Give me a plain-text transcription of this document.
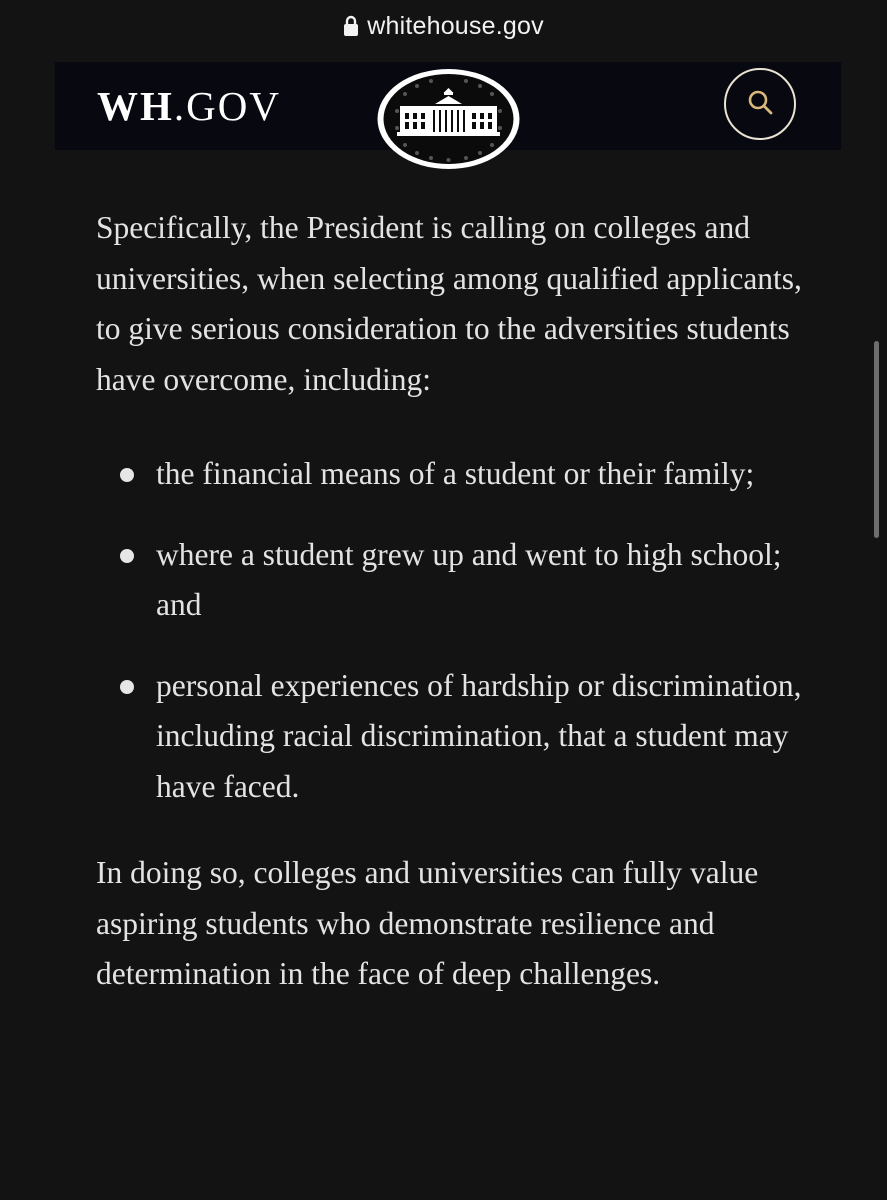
whitehouse.gov
WH.GOV

Specifically, the President is calling on colleges and universities, when selecting among qualified applicants, to give serious consideration to the adversities students have overcome, including:

the financial means of a student or their family;
where a student grew up and went to high school; and
personal experiences of hardship or discrimination, including racial discrimination, that a student may have faced.

In doing so, colleges and universities can fully value aspiring students who demonstrate resilience and determination in the face of deep challenges.
